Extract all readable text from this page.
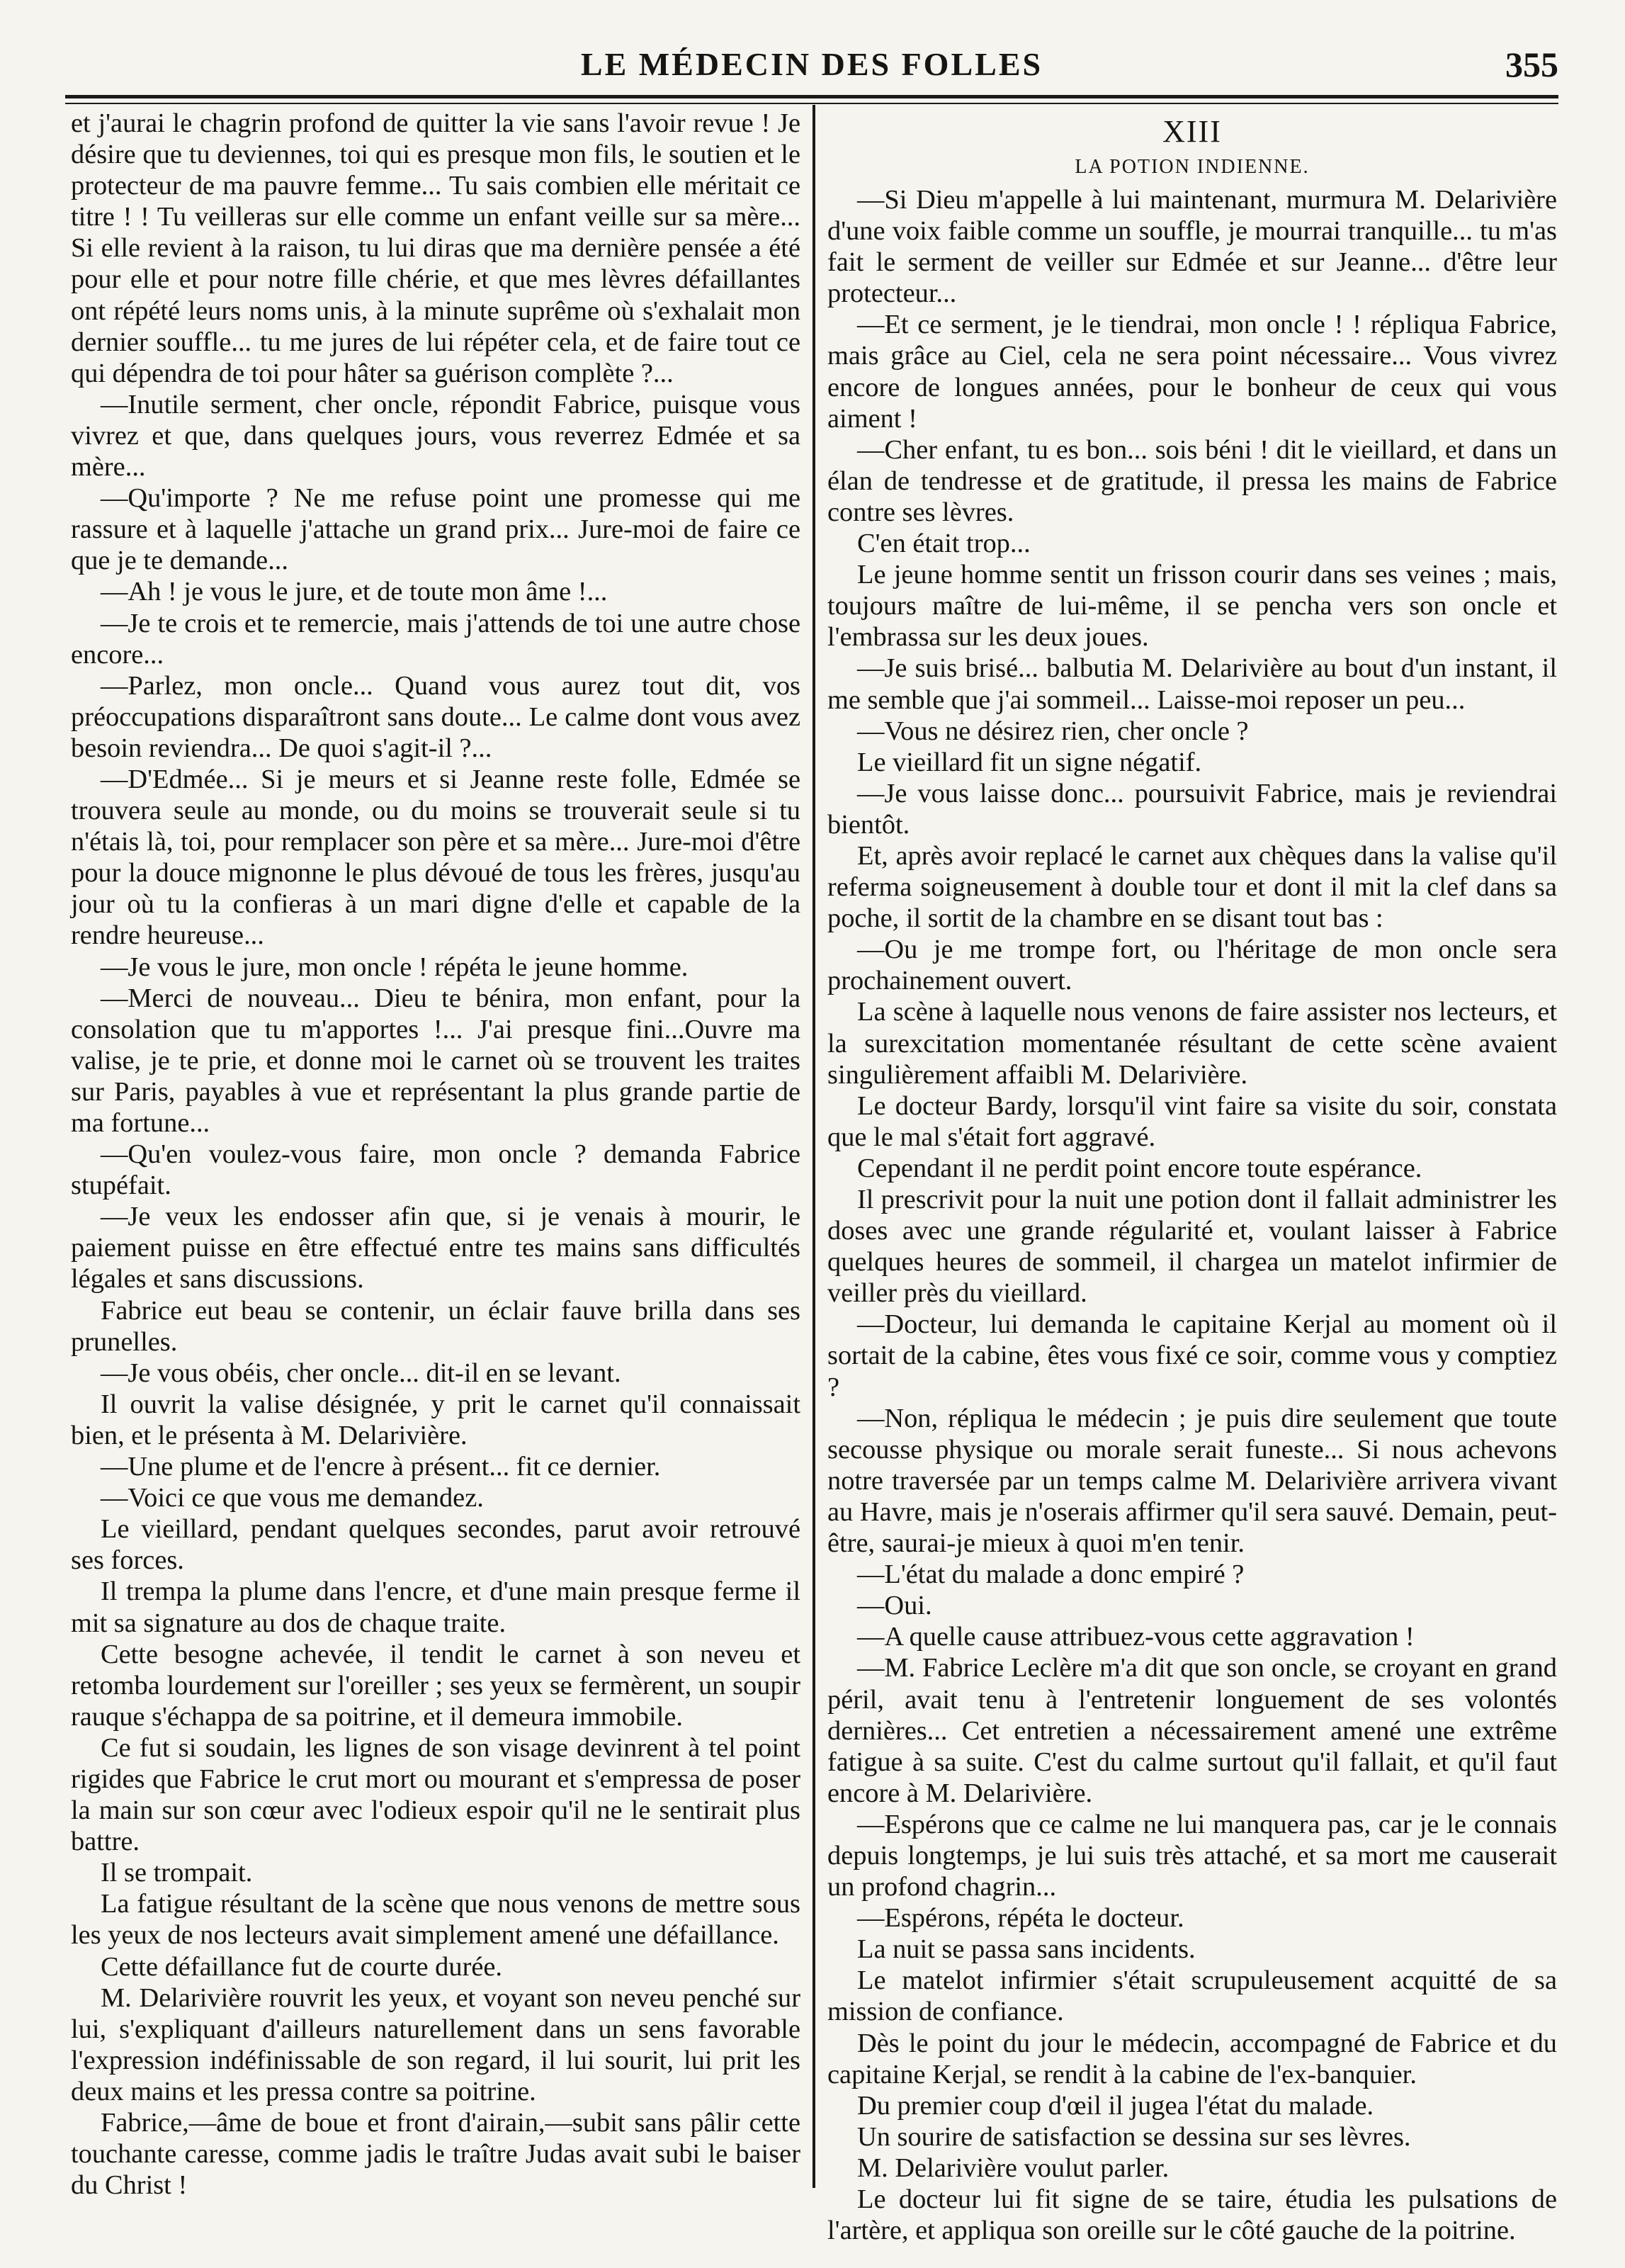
LE MÉDECIN DES FOLLES	355

et j'aurai le chagrin profond de quitter la vie sans l'avoir revue ! Je désire que tu deviennes, toi qui es presque mon fils, le soutien et le protecteur de ma pauvre femme... Tu sais combien elle méritait ce titre ! ! Tu veilleras sur elle comme un enfant veille sur sa mère... Si elle revient à la raison, tu lui diras que ma dernière pensée a été pour elle et pour notre fille chérie, et que mes lèvres défaillantes ont répété leurs noms unis, à la minute suprême où s'exhalait mon dernier souffle... tu me jures de lui répéter cela, et de faire tout ce qui dépendra de toi pour hâter sa guérison complète ?...

—Inutile serment, cher oncle, répondit Fabrice, puisque vous vivrez et que, dans quelques jours, vous reverrez Edmée et sa mère...

—Qu'importe ? Ne me refuse point une promesse qui me rassure et à laquelle j'attache un grand prix... Jure-moi de faire ce que je te demande...

—Ah ! je vous le jure, et de toute mon âme !...

—Je te crois et te remercie, mais j'attends de toi une autre chose encore...

—Parlez, mon oncle... Quand vous aurez tout dit, vos préoccupations disparaîtront sans doute... Le calme dont vous avez besoin reviendra... De quoi s'agit-il ?...

—D'Edmée... Si je meurs et si Jeanne reste folle, Edmée se trouvera seule au monde, ou du moins se trouverait seule si tu n'étais là, toi, pour remplacer son père et sa mère... Jure-moi d'être pour la douce mignonne le plus dévoué de tous les frères, jusqu'au jour où tu la confieras à un mari digne d'elle et capable de la rendre heureuse...

—Je vous le jure, mon oncle ! répéta le jeune homme.

—Merci de nouveau... Dieu te bénira, mon enfant, pour la consolation que tu m'apportes !... J'ai presque fini...Ouvre ma valise, je te prie, et donne moi le carnet où se trouvent les traites sur Paris, payables à vue et représentant la plus grande partie de ma fortune...

—Qu'en voulez-vous faire, mon oncle ? demanda Fabrice stupéfait.

—Je veux les endosser afin que, si je venais à mourir, le paiement puisse en être effectué entre tes mains sans difficultés légales et sans discussions.

Fabrice eut beau se contenir, un éclair fauve brilla dans ses prunelles.

—Je vous obéis, cher oncle... dit-il en se levant.

Il ouvrit la valise désignée, y prit le carnet qu'il connaissait bien, et le présenta à M. Delarivière.

—Une plume et de l'encre à présent... fit ce dernier.

—Voici ce que vous me demandez.

Le vieillard, pendant quelques secondes, parut avoir retrouvé ses forces.

Il trempa la plume dans l'encre, et d'une main presque ferme il mit sa signature au dos de chaque traite.

Cette besogne achevée, il tendit le carnet à son neveu et retomba lourdement sur l'oreiller ; ses yeux se fermèrent, un soupir rauque s'échappa de sa poitrine, et il demeura immobile.

Ce fut si soudain, les lignes de son visage devinrent à tel point rigides que Fabrice le crut mort ou mourant et s'empressa de poser la main sur son cœur avec l'odieux espoir qu'il ne le sentirait plus battre.

Il se trompait.

La fatigue résultant de la scène que nous venons de mettre sous les yeux de nos lecteurs avait simplement amené une défaillance.

Cette défaillance fut de courte durée.

M. Delarivière rouvrit les yeux, et voyant son neveu penché sur lui, s'expliquant d'ailleurs naturellement dans un sens favorable l'expression indéfinissable de son regard, il lui sourit, lui prit les deux mains et les pressa contre sa poitrine.

Fabrice,—âme de boue et front d'airain,—subit sans pâlir cette touchante caresse, comme jadis le traître Judas avait subi le baiser du Christ !

XIII
LA POTION INDIENNE.

—Si Dieu m'appelle à lui maintenant, murmura M. Delarivière d'une voix faible comme un souffle, je mourrai tranquille... tu m'as fait le serment de veiller sur Edmée et sur Jeanne... d'être leur protecteur...

—Et ce serment, je le tiendrai, mon oncle ! ! répliqua Fabrice, mais grâce au Ciel, cela ne sera point nécessaire... Vous vivrez encore de longues années, pour le bonheur de ceux qui vous aiment !

—Cher enfant, tu es bon... sois béni ! dit le vieillard, et dans un élan de tendresse et de gratitude, il pressa les mains de Fabrice contre ses lèvres.

C'en était trop...

Le jeune homme sentit un frisson courir dans ses veines ; mais, toujours maître de lui-même, il se pencha vers son oncle et l'embrassa sur les deux joues.

—Je suis brisé... balbutia M. Delarivière au bout d'un instant, il me semble que j'ai sommeil... Laisse-moi reposer un peu...

—Vous ne désirez rien, cher oncle ?

Le vieillard fit un signe négatif.

—Je vous laisse donc... poursuivit Fabrice, mais je reviendrai bientôt.

Et, après avoir replacé le carnet aux chèques dans la valise qu'il referma soigneusement à double tour et dont il mit la clef dans sa poche, il sortit de la chambre en se disant tout bas :

—Ou je me trompe fort, ou l'héritage de mon oncle sera prochainement ouvert.

La scène à laquelle nous venons de faire assister nos lecteurs, et la surexcitation momentanée résultant de cette scène avaient singulièrement affaibli M. Delarivière.

Le docteur Bardy, lorsqu'il vint faire sa visite du soir, constata que le mal s'était fort aggravé.

Cependant il ne perdit point encore toute espérance.

Il prescrivit pour la nuit une potion dont il fallait administrer les doses avec une grande régularité et, voulant laisser à Fabrice quelques heures de sommeil, il chargea un matelot infirmier de veiller près du vieillard.

—Docteur, lui demanda le capitaine Kerjal au moment où il sortait de la cabine, êtes vous fixé ce soir, comme vous y comptiez ?

—Non, répliqua le médecin ; je puis dire seulement que toute secousse physique ou morale serait funeste... Si nous achevons notre traversée par un temps calme M. Delarivière arrivera vivant au Havre, mais je n'oserais affirmer qu'il sera sauvé. Demain, peut-être, saurai-je mieux à quoi m'en tenir.

—L'état du malade a donc empiré ?

—Oui.

—A quelle cause attribuez-vous cette aggravation !

—M. Fabrice Leclère m'a dit que son oncle, se croyant en grand péril, avait tenu à l'entretenir longuement de ses volontés dernières... Cet entretien a nécessairement amené une extrême fatigue à sa suite. C'est du calme surtout qu'il fallait, et qu'il faut encore à M. Delarivière.

—Espérons que ce calme ne lui manquera pas, car je le connais depuis longtemps, je lui suis très attaché, et sa mort me causerait un profond chagrin...

—Espérons, répéta le docteur.

La nuit se passa sans incidents.

Le matelot infirmier s'était scrupuleusement acquitté de sa mission de confiance.

Dès le point du jour le médecin, accompagné de Fabrice et du capitaine Kerjal, se rendit à la cabine de l'ex-banquier.

Du premier coup d'œil il jugea l'état du malade.

Un sourire de satisfaction se dessina sur ses lèvres.

M. Delarivière voulut parler.

Le docteur lui fit signe de se taire, étudia les pulsations de l'artère, et appliqua son oreille sur le côté gauche de la poitrine.
